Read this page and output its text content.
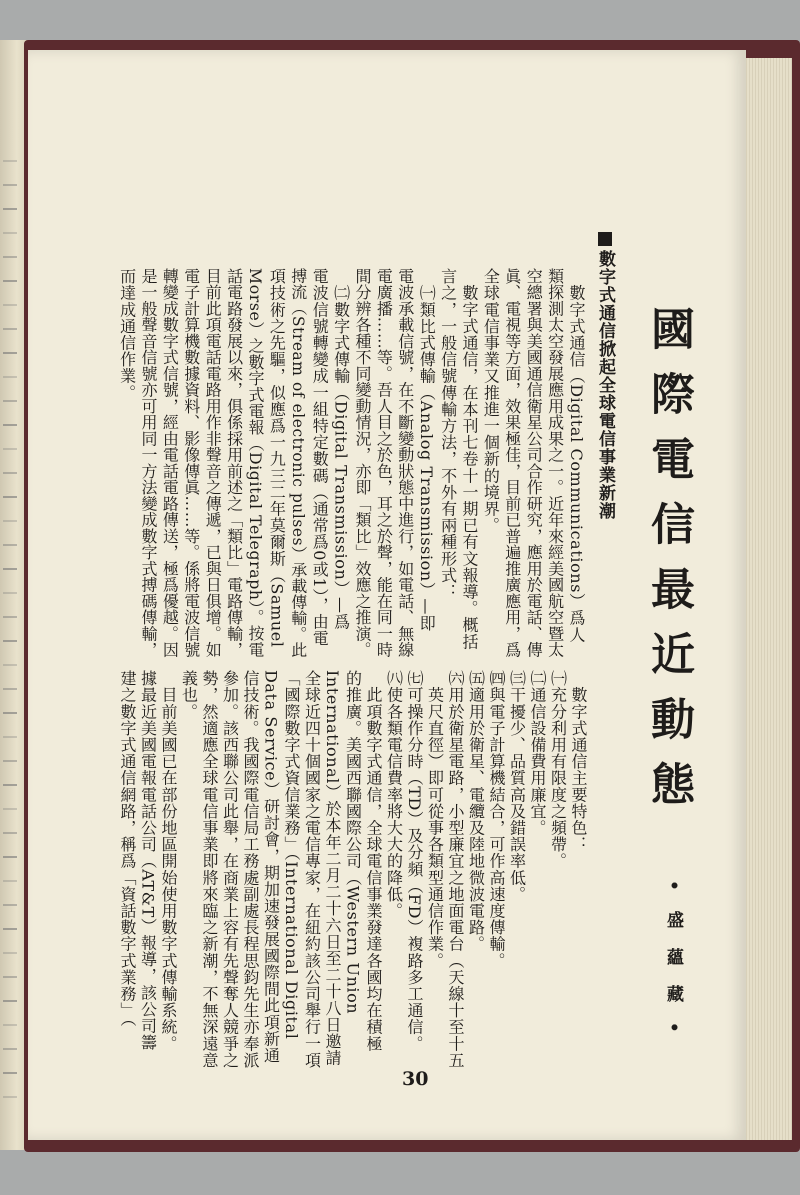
國際電信最近動態
•盛蘊藏•
數字式通信掀起全球電信事業新潮
　數字式通信（Digital Communications）爲人
類探測太空發展應用成果之一。近年來經美國航空暨太
空總署與美國通信衛星公司合作研究，應用於電話、傳
眞、電視等方面，效果極佳，目前已普遍推廣應用，爲
全球電信事業又推進一個新的境界。
　數字式通信，在本刊七卷十一期已有文報導。概括
言之，一般信號傳輸方法，不外有兩種形式：
　㈠類比式傳輸（Analog Transmission）—即
電波承載信號，在不斷變動狀態中進行，如電話、無線
電廣播……等。吾人目之於色，耳之於聲，能在同一時
間分辨各種不同變動情況，亦即「類比」效應之推演。
　㈡數字式傳輸（Digital Transmission）—爲
電波信號轉變成一組特定數碼（通常爲0或1），由電
搏流（Stream of electronic pulses）承載傳輸。此
項技術之先驅，似應爲一九三二年莫爾斯（Samuel
Morse）之數字式電報（Digital Telegraph）。按電
話電路發展以來，俱係採用前述之「類比」電路傳輸，
目前此項電話電路用作非聲音之傳遞，已與日俱增。如
電子計算機數據資料、影像傳眞……等。係將電波信號
轉變成數字式信號，經由電話電路傳送，極爲優越。因
是一般聲音信號亦可用同一方法變成數字式搏碼傳輸，
而達成通信作業。
　數字式通信主要特色：
㈠充分利用有限度之頻帶。
㈡通信設備費用廉宜。
㈢干擾少、品質高及錯誤率低。
㈣與電子計算機結合，可作高速度傳輸。
㈤適用於衛星、電纜及陸地微波電路。
㈥用於衛星電路，小型廉宜之地面電台（天線十至十五
　英尺直徑）即可從事各類型通信作業。
㈦可操作分時（TD）及分頻（FD）複路多工通信。
㈧使各類電信費率將大大的降低。
　此項數字式通信，全球電信事業發達各國均在積極
的推廣。美國西聯國際公司（Western Union
International）於本年二月二十六日至二十八日邀請
全球近四十個國家之電信專家，在紐約該公司舉行一項
「國際數字式資信業務」（International Digital
Data Service）研討會，期加速發展國際間此項新通
信技術。我國際電信局工務處副處長程思鈞先生亦奉派
參加。該西聯公司此舉，在商業上容有先聲奪人競爭之
勢，然適應全球電信事業即將來臨之新潮，不無深遠意
義也。
　目前美國已在部份地區開始使用數字式傳輸系統。
據最近美國電報電話公司（AT&T）報導，該公司籌
建之數字式通信網路，稱爲「資話數字式業務」（
30
